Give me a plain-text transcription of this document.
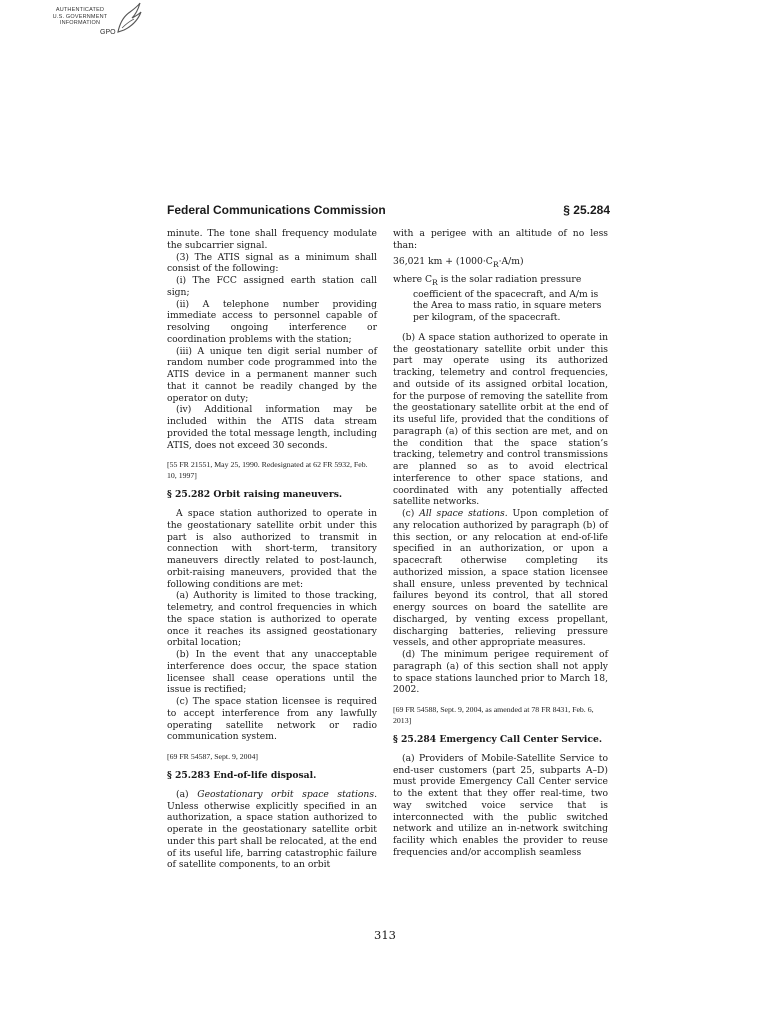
AUTHENTICATED
U.S. GOVERNMENT
INFORMATION
GPO
Federal Communications Commission	§ 25.284

minute. The tone shall frequency modulate the subcarrier signal.

(3) The ATIS signal as a minimum shall consist of the following:

(i) The FCC assigned earth station call sign;

(ii) A telephone number providing immediate access to personnel capable of resolving ongoing interference or coordination problems with the station;

(iii) A unique ten digit serial number of random number code programmed into the ATIS device in a permanent manner such that it cannot be readily changed by the operator on duty;

(iv) Additional information may be included within the ATIS data stream provided the total message length, including ATIS, does not exceed 30 seconds.

[55 FR 21551, May 25, 1990. Redesignated at 62 FR 5932, Feb. 10, 1997]

§ 25.282 Orbit raising maneuvers.

A space station authorized to operate in the geostationary satellite orbit under this part is also authorized to transmit in connection with short-term, transitory maneuvers directly related to post-launch, orbit-raising maneuvers, provided that the following conditions are met:

(a) Authority is limited to those tracking, telemetry, and control frequencies in which the space station is authorized to operate once it reaches its assigned geostationary orbital location;

(b) In the event that any unacceptable interference does occur, the space station licensee shall cease operations until the issue is rectified;

(c) The space station licensee is required to accept interference from any lawfully operating satellite network or radio communication system.

[69 FR 54587, Sept. 9, 2004]

§ 25.283 End-of-life disposal.

(a) Geostationary orbit space stations. Unless otherwise explicitly specified in an authorization, a space station authorized to operate in the geostationary satellite orbit under this part shall be relocated, at the end of its useful life, barring catastrophic failure of satellite components, to an orbit

with a perigee with an altitude of no less than:

36,021 km + $(1000\cdot C_R\cdot A/m)$

where $C_R$ is the solar radiation pressure

coefficient of the spacecraft, and A/m is the Area to mass ratio, in square meters per kilogram, of the spacecraft.

(b) A space station authorized to operate in the geostationary satellite orbit under this part may operate using its authorized tracking, telemetry and control frequencies, and outside of its assigned orbital location, for the purpose of removing the satellite from the geostationary satellite orbit at the end of its useful life, provided that the conditions of paragraph (a) of this section are met, and on the condition that the space station’s tracking, telemetry and control transmissions are planned so as to avoid electrical interference to other space stations, and coordinated with any potentially affected satellite networks.

(c) All space stations. Upon completion of any relocation authorized by paragraph (b) of this section, or any relocation at end-of-life specified in an authorization, or upon a spacecraft otherwise completing its authorized mission, a space station licensee shall ensure, unless prevented by technical failures beyond its control, that all stored energy sources on board the satellite are discharged, by venting excess propellant, discharging batteries, relieving pressure vessels, and other appropriate measures.

(d) The minimum perigee requirement of paragraph (a) of this section shall not apply to space stations launched prior to March 18, 2002.

[69 FR 54588, Sept. 9, 2004, as amended at 78 FR 8431, Feb. 6, 2013]

§ 25.284 Emergency Call Center Service.

(a) Providers of Mobile-Satellite Service to end-user customers (part 25, subparts A–D) must provide Emergency Call Center service to the extent that they offer real-time, two way switched voice service that is interconnected with the public switched network and utilize an in-network switching facility which enables the provider to reuse frequencies and/or accomplish seamless

313
